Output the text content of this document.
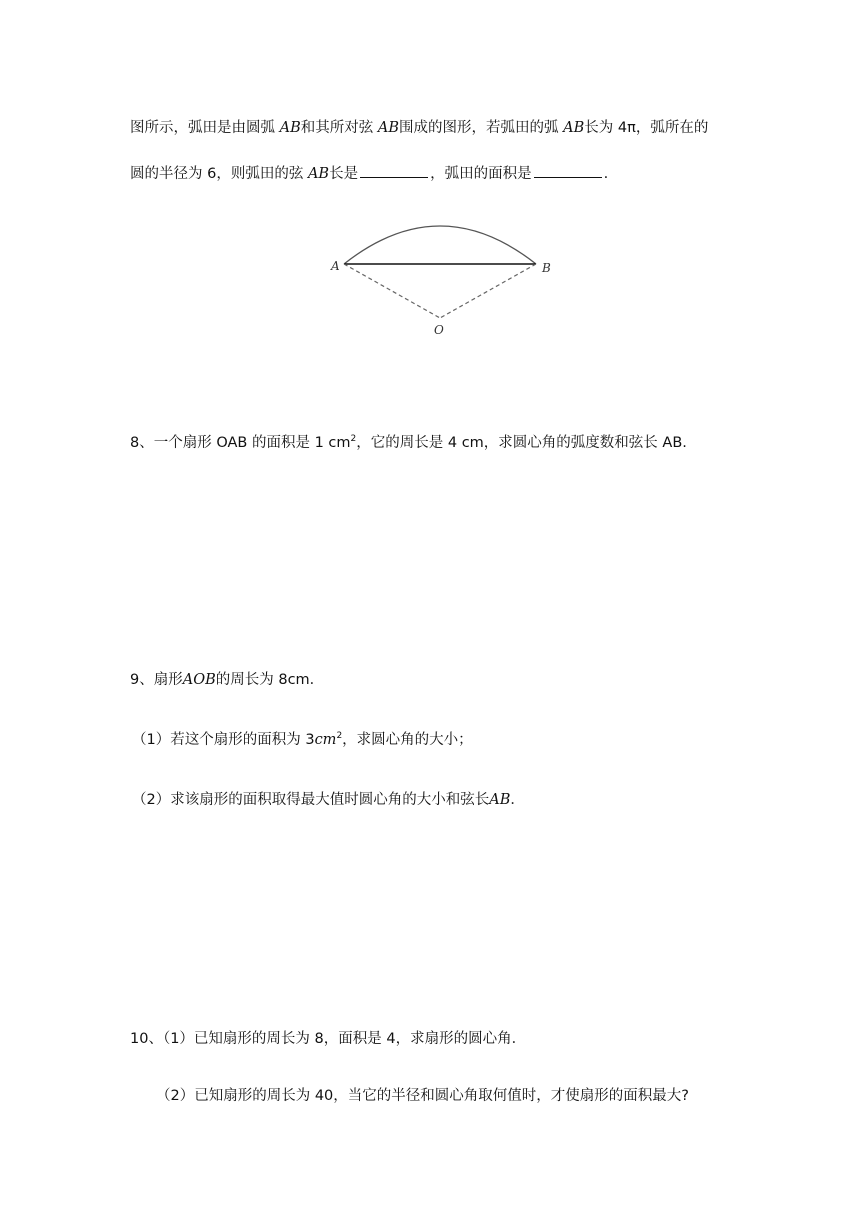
图所示，弧田是由圆弧 AB和其所对弦 AB围成的图形，若弧田的弧 AB长为 4π，弧所在的
圆的半径为 6，则弧田的弦 AB长是	，弧田的面积是	.
A	B
O
8、一个扇形 OAB 的面积是 1 $cm^2$，它的周长是 4 cm，求圆心角的弧度数和弦长 AB.
9、扇形AOB的周长为 8cm．
（1）若这个扇形的面积为 $3cm^2$，求圆心角的大小；
（2）求该扇形的面积取得最大值时圆心角的大小和弦长AB．
10、（1）已知扇形的周长为 8，面积是 4，求扇形的圆心角．
（2）已知扇形的周长为 40，当它的半径和圆心角取何值时，才使扇形的面积最大?
